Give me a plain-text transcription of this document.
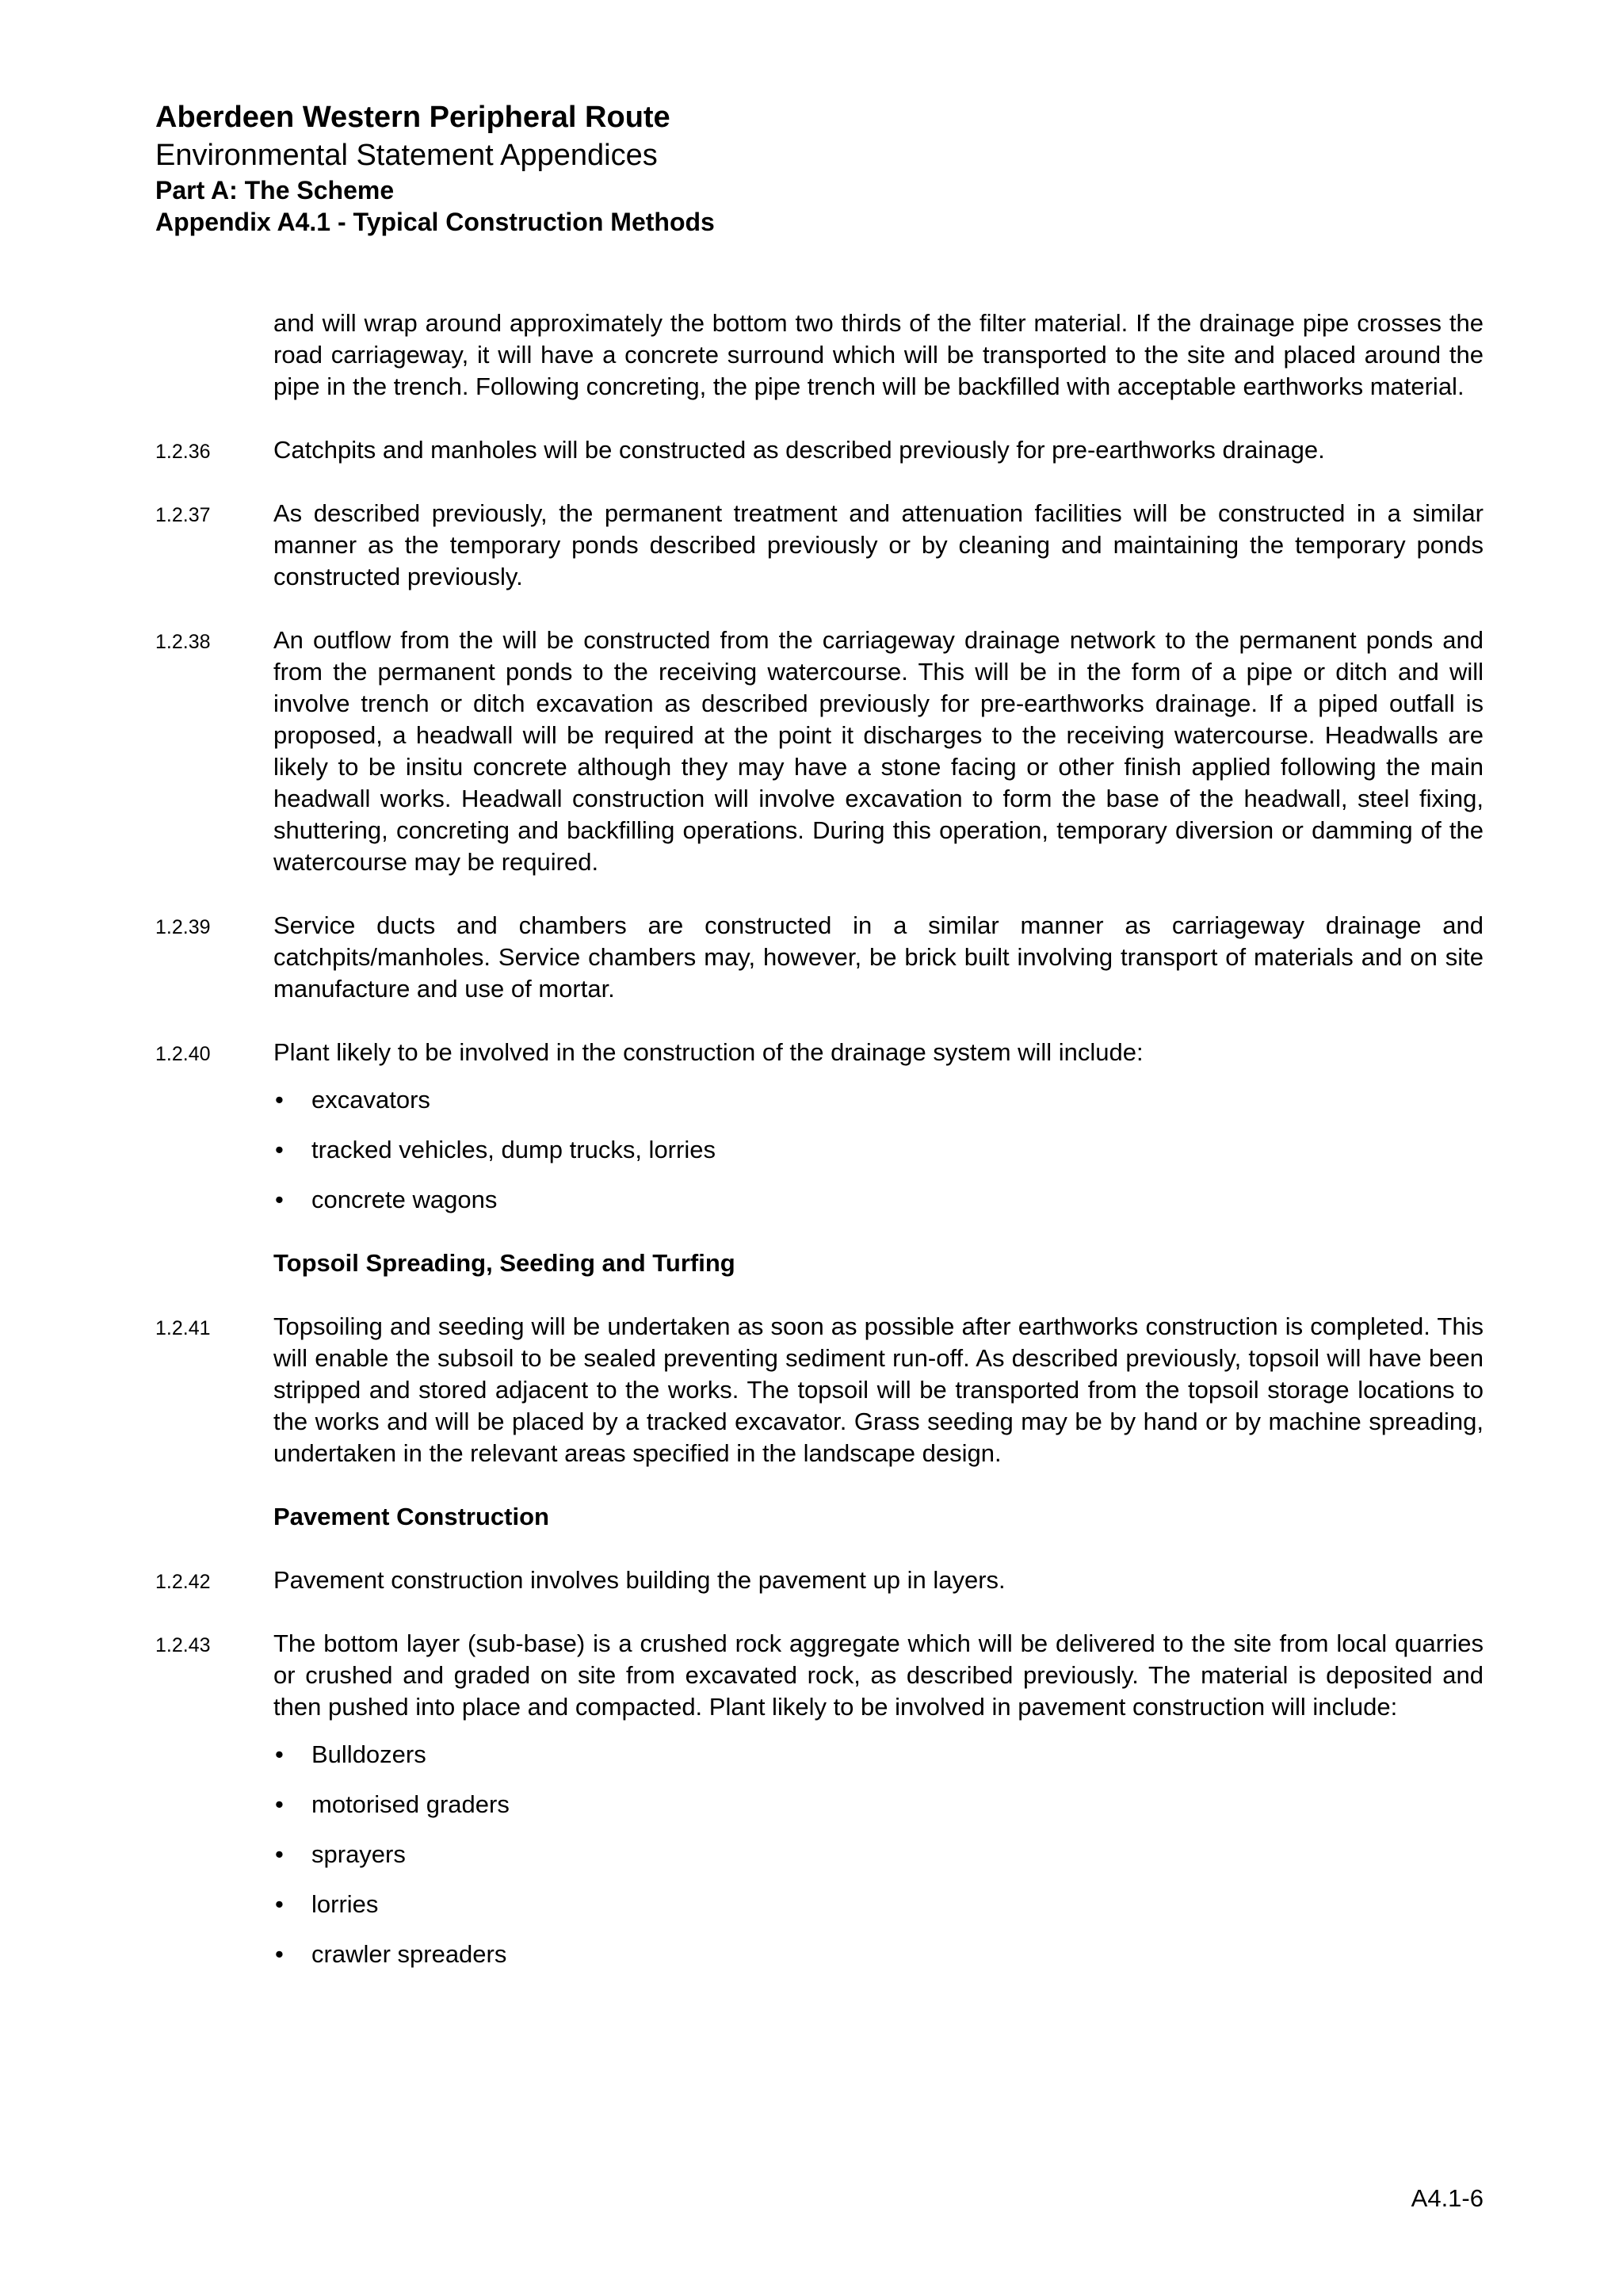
Aberdeen Western Peripheral Route

Environmental Statement Appendices

Part A: The Scheme

Appendix A4.1 - Typical Construction Methods

and will wrap around approximately the bottom two thirds of the filter material. If the drainage pipe crosses the road carriageway, it will have a concrete surround which will be transported to the site and placed around the pipe in the trench. Following concreting, the pipe trench will be backfilled with acceptable earthworks material.

1.2.36	Catchpits and manholes will be constructed as described previously for pre-earthworks drainage.

1.2.37	As described previously, the permanent treatment and attenuation facilities will be constructed in a similar manner as the temporary ponds described previously or by cleaning and maintaining the temporary ponds constructed previously.

1.2.38	An outflow from the will be constructed from the carriageway drainage network to the permanent ponds and from the permanent ponds to the receiving watercourse. This will be in the form of a pipe or ditch and will involve trench or ditch excavation as described previously for pre-earthworks drainage. If a piped outfall is proposed, a headwall will be required at the point it discharges to the receiving watercourse. Headwalls are likely to be insitu concrete although they may have a stone facing or other finish applied following the main headwall works. Headwall construction will involve excavation to form the base of the headwall, steel fixing, shuttering, concreting and backfilling operations. During this operation, temporary diversion or damming of the watercourse may be required.

1.2.39	Service ducts and chambers are constructed in a similar manner as carriageway drainage and catchpits/manholes. Service chambers may, however, be brick built involving transport of materials and on site manufacture and use of mortar.

1.2.40	Plant likely to be involved in the construction of the drainage system will include:

• excavators
• tracked vehicles, dump trucks, lorries
• concrete wagons

Topsoil Spreading, Seeding and Turfing

1.2.41	Topsoiling and seeding will be undertaken as soon as possible after earthworks construction is completed. This will enable the subsoil to be sealed preventing sediment run-off. As described previously, topsoil will have been stripped and stored adjacent to the works. The topsoil will be transported from the topsoil storage locations to the works and will be placed by a tracked excavator. Grass seeding may be by hand or by machine spreading, undertaken in the relevant areas specified in the landscape design.

Pavement Construction

1.2.42	Pavement construction involves building the pavement up in layers.

1.2.43	The bottom layer (sub-base) is a crushed rock aggregate which will be delivered to the site from local quarries or crushed and graded on site from excavated rock, as described previously. The material is deposited and then pushed into place and compacted. Plant likely to be involved in pavement construction will include:

• Bulldozers
• motorised graders
• sprayers
• lorries
• crawler spreaders
A4.1-6
